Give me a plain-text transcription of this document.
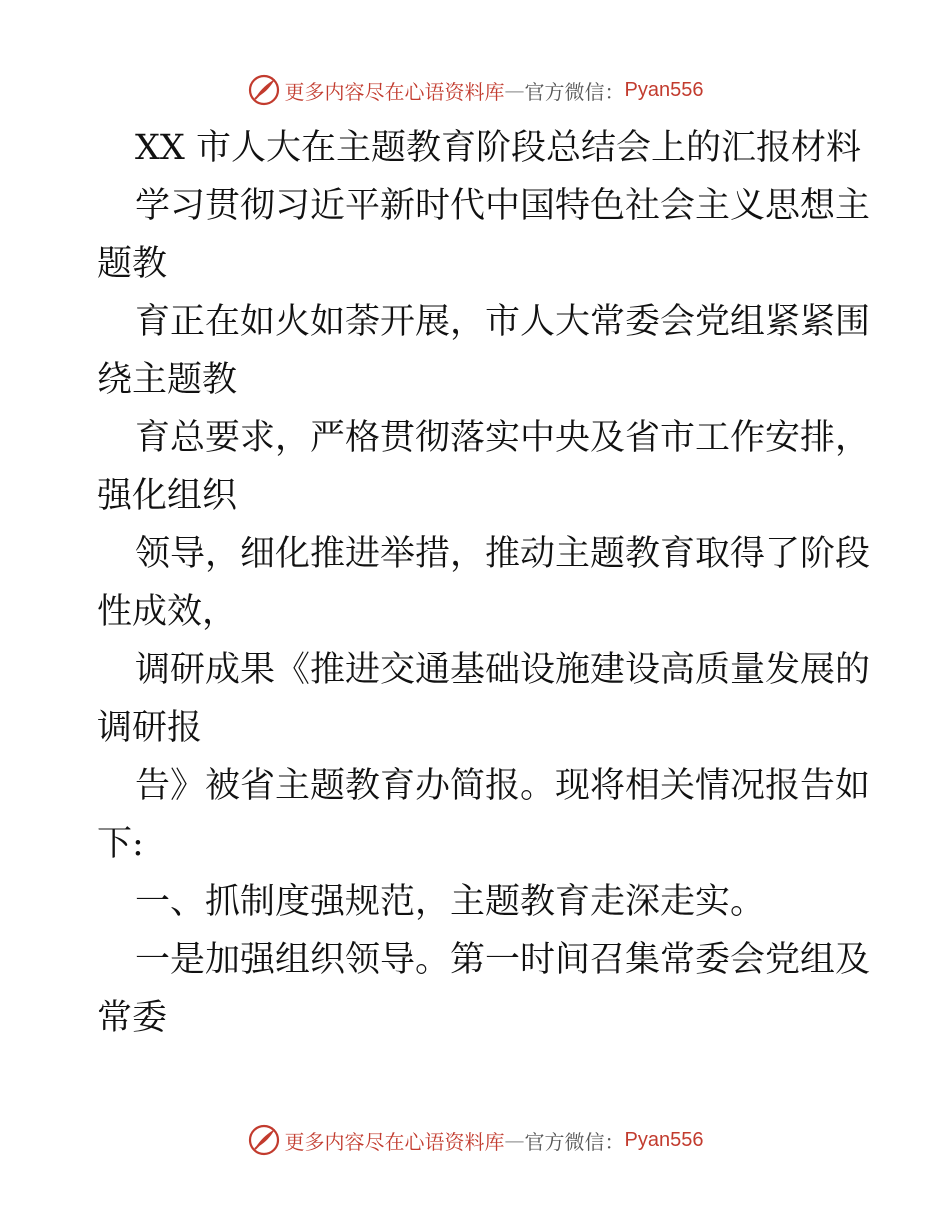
更多内容尽在心语资料库 — 官方微信 ： Pyan556
XX 市人大在主题教育阶段总结会上的汇报材料
学习贯彻习近平新时代中国特色社会主义思想主
题教
育正在如火如荼开展，市人大常委会党组紧紧围
绕主题教
育总要求，严格贯彻落实中央及省市工作安排，
强化组织
领导，细化推进举措，推动主题教育取得了阶段
性成效，
调研成果《推进交通基础设施建设高质量发展的
调研报
告》被省主题教育办简报。现将相关情况报告如
下:
一、抓制度强规范，主题教育走深走实。
一是加强组织领导。第一时间召集常委会党组及
常委
更多内容尽在心语资料库 — 官方微信 ： Pyan556
